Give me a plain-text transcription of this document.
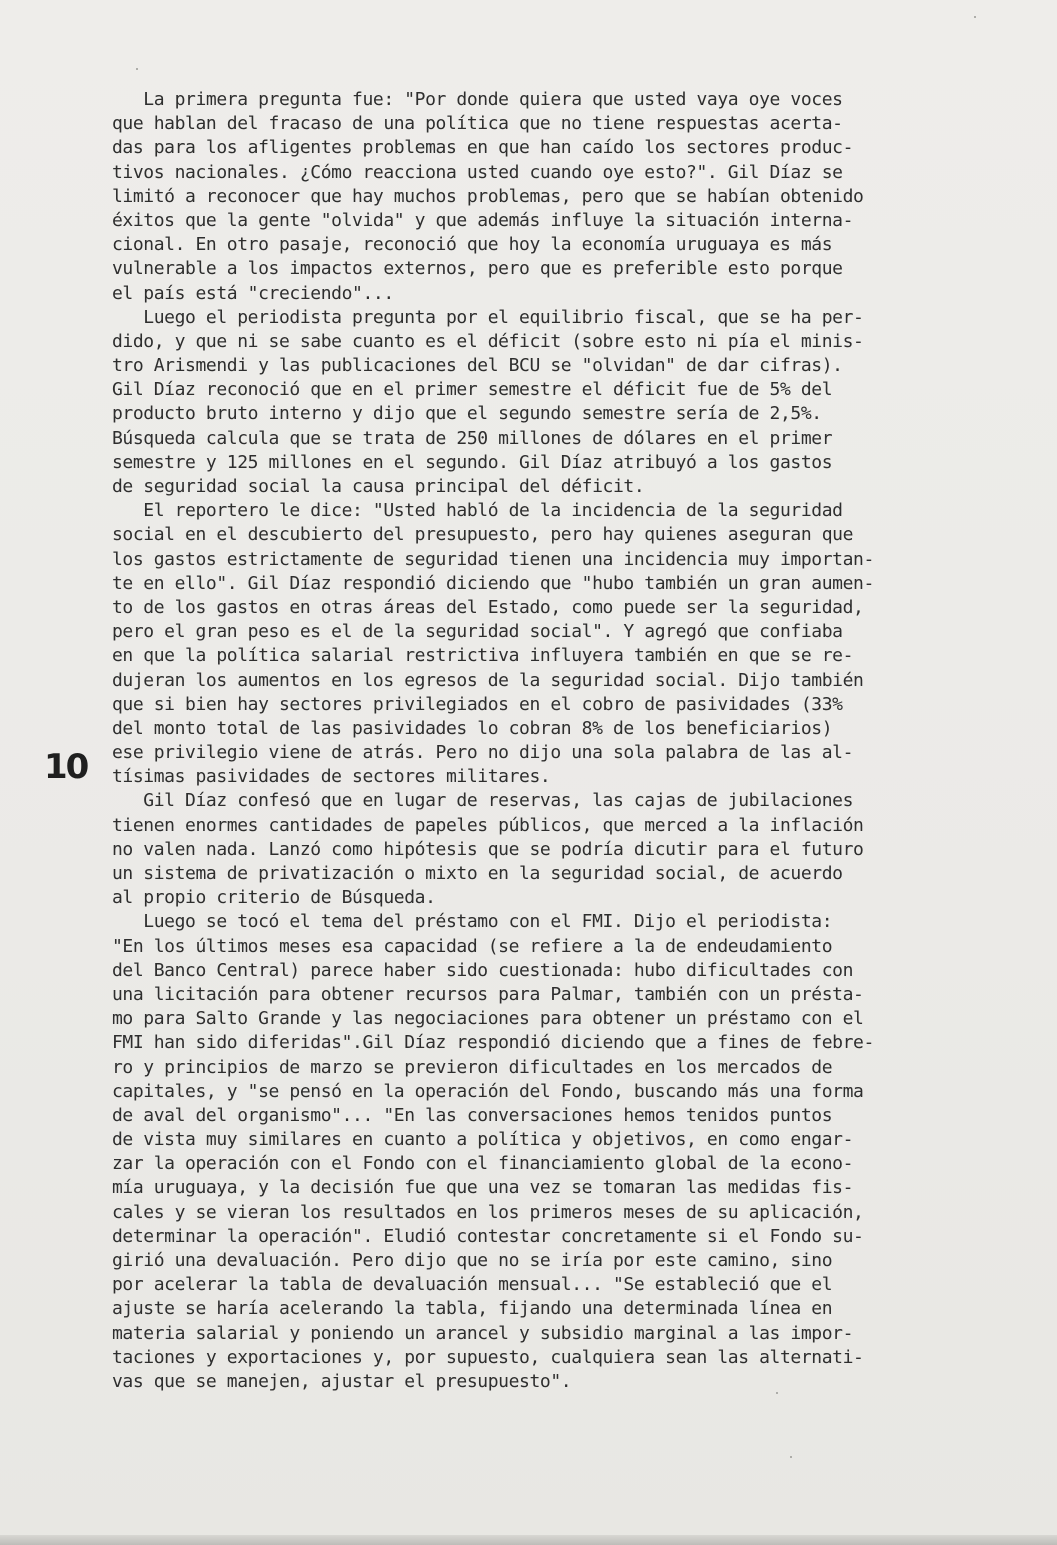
La primera pregunta fue: "Por donde quiera que usted vaya oye voces
que hablan del fracaso de una política que no tiene respuestas acerta-
das para los afligentes problemas en que han caído los sectores produc-
tivos nacionales. ¿Cómo reacciona usted cuando oye esto?". Gil Díaz se
limitó a reconocer que hay muchos problemas, pero que se habían obtenido
éxitos que la gente "olvida" y que además influye la situación interna-
cional. En otro pasaje, reconoció que hoy la economía uruguaya es más
vulnerable a los impactos externos, pero que es preferible esto porque
el país está "creciendo"...
Luego el periodista pregunta por el equilibrio fiscal, que se ha per-
dido, y que ni se sabe cuanto es el déficit (sobre esto ni pía el minis-
tro Arismendi y las publicaciones del BCU se "olvidan" de dar cifras).
Gil Díaz reconoció que en el primer semestre el déficit fue de 5% del
producto bruto interno y dijo que el segundo semestre sería de 2,5%.
Búsqueda calcula que se trata de 250 millones de dólares en el primer
semestre y 125 millones en el segundo. Gil Díaz atribuyó a los gastos
de seguridad social la causa principal del déficit.
El reportero le dice: "Usted habló de la incidencia de la seguridad
social en el descubierto del presupuesto, pero hay quienes aseguran que
los gastos estrictamente de seguridad tienen una incidencia muy importan-
te en ello". Gil Díaz respondió diciendo que "hubo también un gran aumen-
to de los gastos en otras áreas del Estado, como puede ser la seguridad,
pero el gran peso es el de la seguridad social". Y agregó que confiaba
en que la política salarial restrictiva influyera también en que se re-
dujeran los aumentos en los egresos de la seguridad social. Dijo también
que si bien hay sectores privilegiados en el cobro de pasividades (33%
del monto total de las pasividades lo cobran 8% de los beneficiarios)
ese privilegio viene de atrás. Pero no dijo una sola palabra de las al-
tísimas pasividades de sectores militares.
Gil Díaz confesó que en lugar de reservas, las cajas de jubilaciones
tienen enormes cantidades de papeles públicos, que merced a la inflación
no valen nada. Lanzó como hipótesis que se podría dicutir para el futuro
un sistema de privatización o mixto en la seguridad social, de acuerdo
al propio criterio de Búsqueda.
Luego se tocó el tema del préstamo con el FMI. Dijo el periodista:
"En los últimos meses esa capacidad (se refiere a la de endeudamiento
del Banco Central) parece haber sido cuestionada: hubo dificultades con
una licitación para obtener recursos para Palmar, también con un présta-
mo para Salto Grande y las negociaciones para obtener un préstamo con el
FMI han sido diferidas".Gil Díaz respondió diciendo que a fines de febre-
ro y principios de marzo se previeron dificultades en los mercados de
capitales, y "se pensó en la operación del Fondo, buscando más una forma
de aval del organismo"... "En las conversaciones hemos tenidos puntos
de vista muy similares en cuanto a política y objetivos, en como engar-
zar la operación con el Fondo con el financiamiento global de la econo-
mía uruguaya, y la decisión fue que una vez se tomaran las medidas fis-
cales y se vieran los resultados en los primeros meses de su aplicación,
determinar la operación". Eludió contestar concretamente si el Fondo su-
girió una devaluación. Pero dijo que no se iría por este camino, sino
por acelerar la tabla de devaluación mensual... "Se estableció que el
ajuste se haría acelerando la tabla, fijando una determinada línea en
materia salarial y poniendo un arancel y subsidio marginal a las impor-
taciones y exportaciones y, por supuesto, cualquiera sean las alternati-
vas que se manejen, ajustar el presupuesto".
10
